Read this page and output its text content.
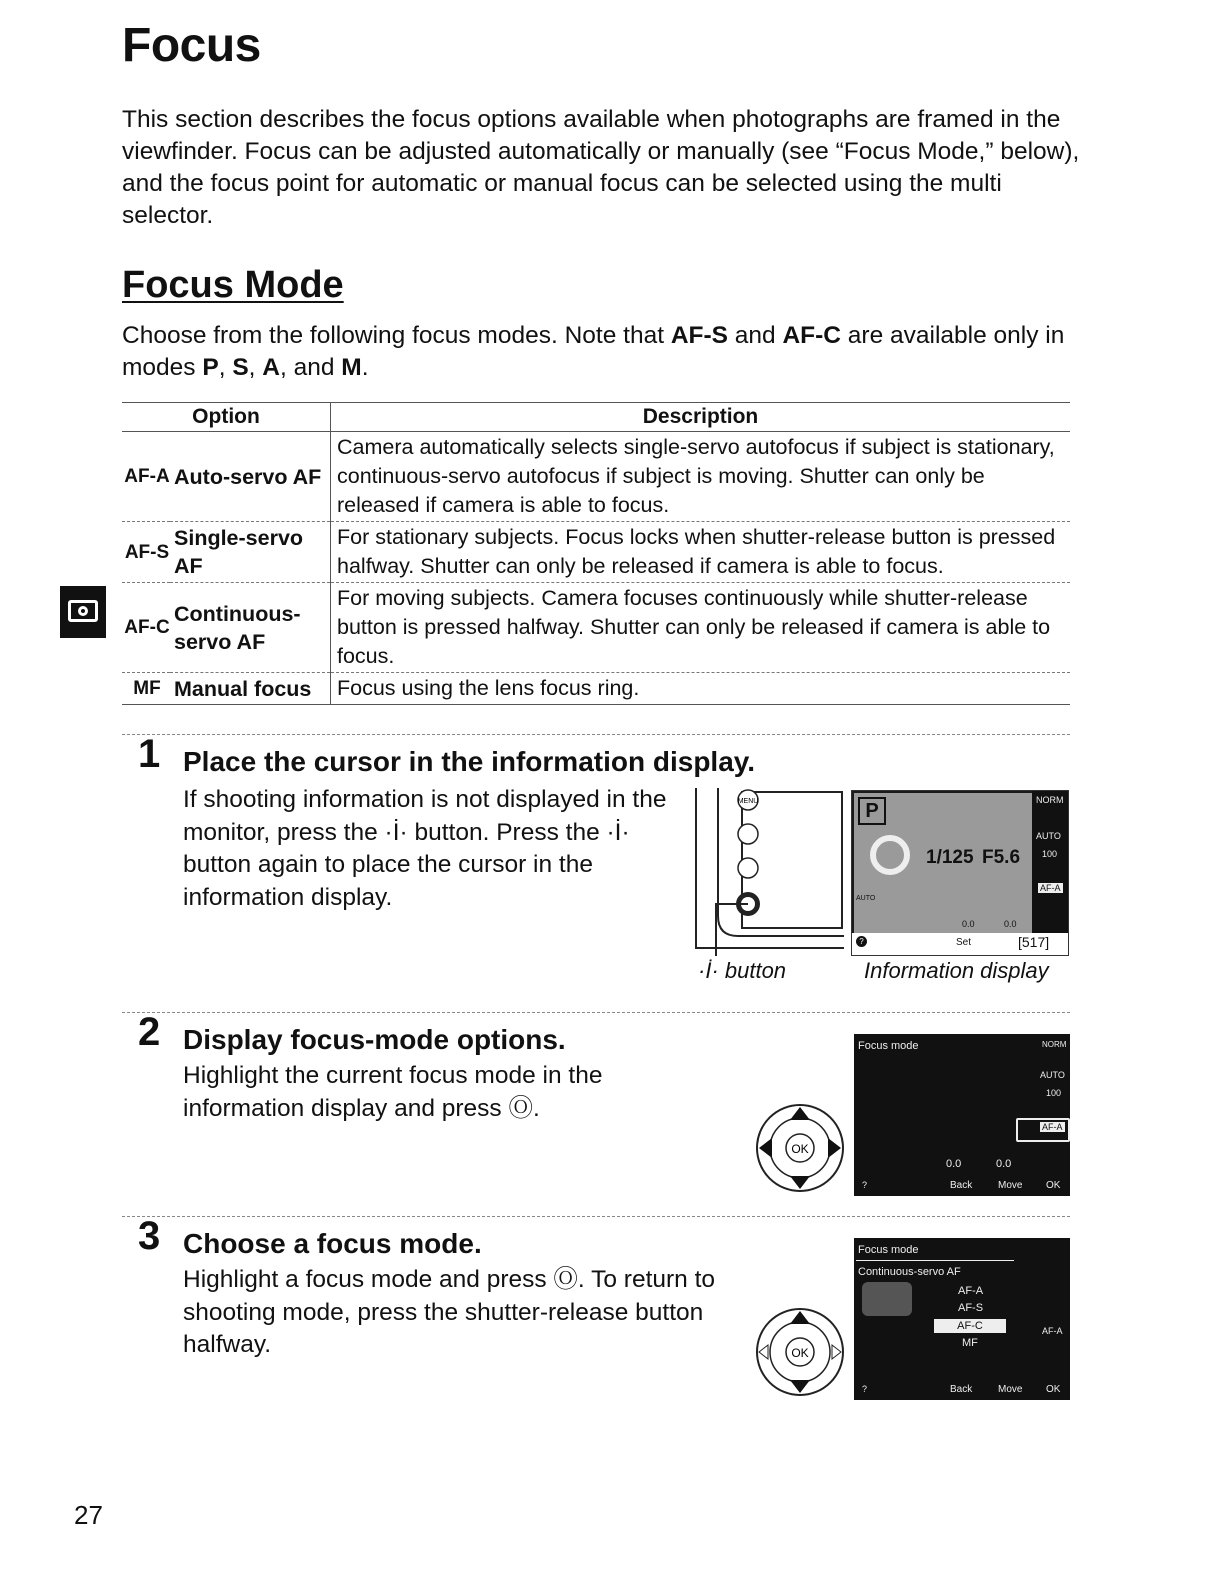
Focus

This section describes the focus options available when photographs are framed in the viewfinder. Focus can be adjusted automatically or manually (see “Focus Mode,” below), and the focus point for automatic or manual focus can be selected using the multi selector.

Focus Mode

Choose from the following focus modes. Note that AF-S and AF-C are available only in modes P, S, A, and M.

Option		Description
AF-A	Auto-servo AF	Camera automatically selects single-servo autofocus if subject is stationary, continuous-servo autofocus if subject is moving. Shutter can only be released if camera is able to focus.
AF-S	Single-servo AF	For stationary subjects. Focus locks when shutter-release button is pressed halfway. Shutter can only be released if camera is able to focus.
AF-C	Continuous-servo AF	For moving subjects. Camera focuses continuously while shutter-release button is pressed halfway. Shutter can only be released if camera is able to focus.
MF	Manual focus	Focus using the lens focus ring.
1 Place the cursor in the information display.

If shooting information is not displayed in the monitor, press the ·İ· button. Press the ·İ· button again to place the cursor in the information display.

MENU	P
1/125 F5.6
AUTO
NORM
AUTO
100
AF-A
0.0	0.0
?	Set	[517]
·İ· button	Information display
2 Display focus-mode options.

Highlight the current focus mode in the information display and press Ⓞ.

OK
Focus mode	NORM
AUTO
100
AF-A
0.0	0.0
?	Back	Move OK
3 Choose a focus mode.

Highlight a focus mode and press Ⓞ. To return to shooting mode, press the shutter-release button halfway.	OK
Focus mode
Continuous-servo AF
AF-A
AF-S
AF-C
MF
AF-A
?	Back	Move OK
27
